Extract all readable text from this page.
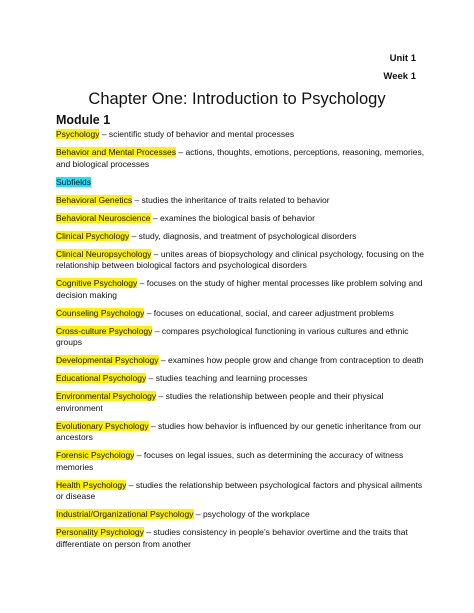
Unit 1
Week 1
Chapter One: Introduction to Psychology
Module 1
Psychology – scientific study of behavior and mental processes
Behavior and Mental Processes – actions, thoughts, emotions, perceptions, reasoning, memories, and biological processes
Subfields
Behavioral Genetics – studies the inheritance of traits related to behavior
Behavioral Neuroscience – examines the biological basis of behavior
Clinical Psychology – study, diagnosis, and treatment of psychological disorders
Clinical Neuropsychology – unites areas of biopsychology and clinical psychology, focusing on the relationship between biological factors and psychological disorders
Cognitive Psychology – focuses on the study of higher mental processes like problem solving and decision making
Counseling Psychology – focuses on educational, social, and career adjustment problems
Cross-culture Psychology – compares psychological functioning in various cultures and ethnic groups
Developmental Psychology – examines how people grow and change from contraception to death
Educational Psychology – studies teaching and learning processes
Environmental Psychology – studies the relationship between people and their physical environment
Evolutionary Psychology – studies how behavior is influenced by our genetic inheritance from our ancestors
Forensic Psychology – focuses on legal issues, such as determining the accuracy of witness memories
Health Psychology – studies the relationship between psychological factors and physical ailments or disease
Industrial/Organizational Psychology – psychology of the workplace
Personality Psychology – studies consistency in people’s behavior overtime and the traits that differentiate on person from another
